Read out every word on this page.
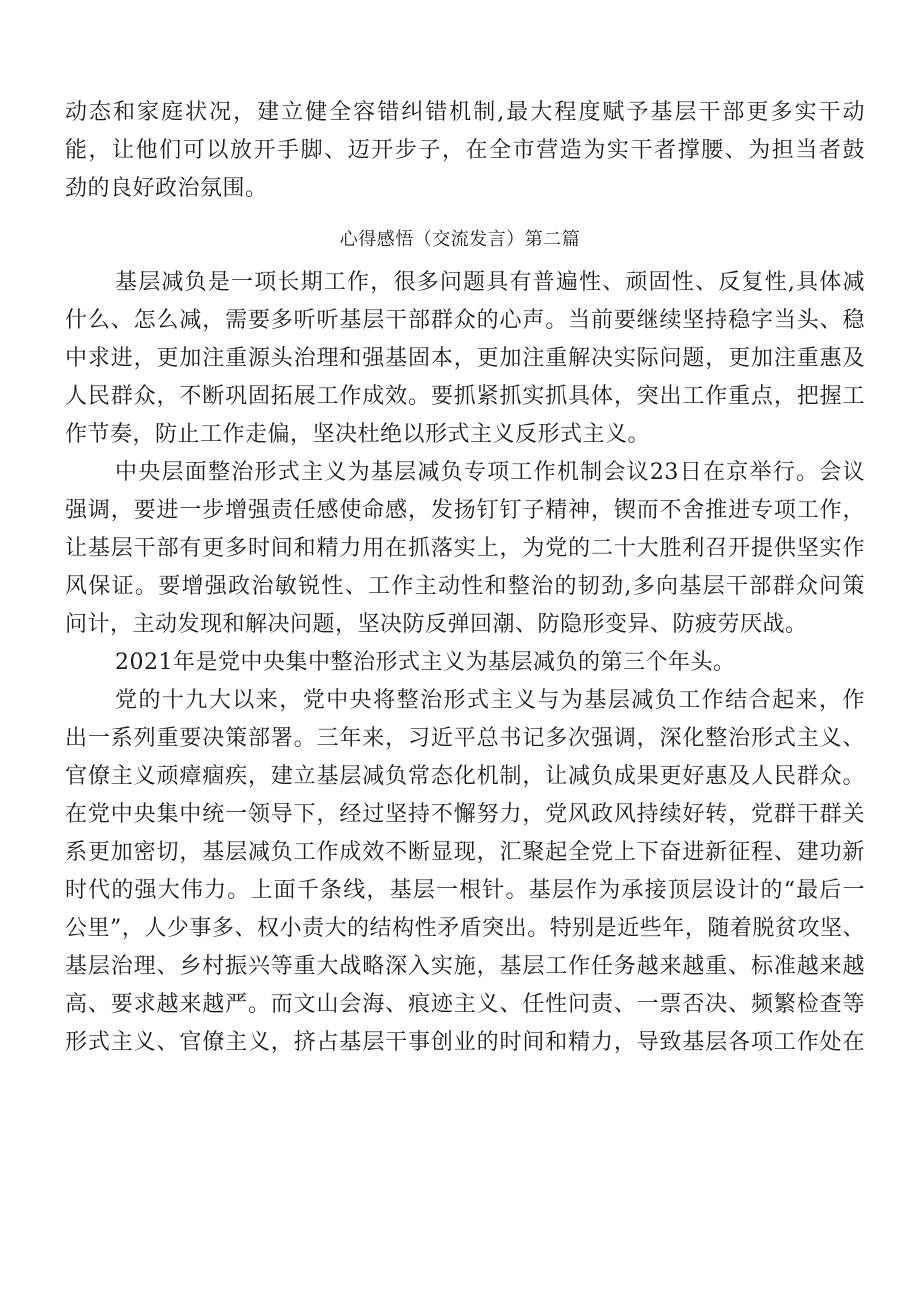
动态和家庭状况，建立健全容错纠错机制,最大程度赋予基层干部更多实干动
能，让他们可以放开手脚、迈开步子，在全市营造为实干者撑腰、为担当者鼓
劲的良好政治氛围。
心得感悟（交流发言）第二篇
基层减负是一项长期工作，很多问题具有普遍性、顽固性、反复性,具体减
什么、怎么减，需要多听听基层干部群众的心声。当前要继续坚持稳字当头、稳
中求进，更加注重源头治理和强基固本，更加注重解决实际问题，更加注重惠及
人民群众，不断巩固拓展工作成效。要抓紧抓实抓具体，突出工作重点，把握工
作节奏，防止工作走偏，坚决杜绝以形式主义反形式主义。
中央层面整治形式主义为基层减负专项工作机制会议23日在京举行。会议
强调，要进一步增强责任感使命感，发扬钉钉子精神，锲而不舍推进专项工作，
让基层干部有更多时间和精力用在抓落实上，为党的二十大胜利召开提供坚实作
风保证。要增强政治敏锐性、工作主动性和整治的韧劲,多向基层干部群众问策
问计，主动发现和解决问题，坚决防反弹回潮、防隐形变异、防疲劳厌战。
2021年是党中央集中整治形式主义为基层减负的第三个年头。
党的十九大以来，党中央将整治形式主义与为基层减负工作结合起来，作
出一系列重要决策部署。三年来，习近平总书记多次强调，深化整治形式主义、
官僚主义顽瘴痼疾，建立基层减负常态化机制，让减负成果更好惠及人民群众。
在党中央集中统一领导下，经过坚持不懈努力，党风政风持续好转，党群干群关
系更加密切，基层减负工作成效不断显现，汇聚起全党上下奋进新征程、建功新
时代的强大伟力。上面千条线，基层一根针。基层作为承接顶层设计的“最后一
公里”，人少事多、权小责大的结构性矛盾突出。特别是近些年，随着脱贫攻坚、
基层治理、乡村振兴等重大战略深入实施，基层工作任务越来越重、标准越来越
高、要求越来越严。而文山会海、痕迹主义、任性问责、一票否决、频繁检查等
形式主义、官僚主义，挤占基层干事创业的时间和精力，导致基层各项工作处在
